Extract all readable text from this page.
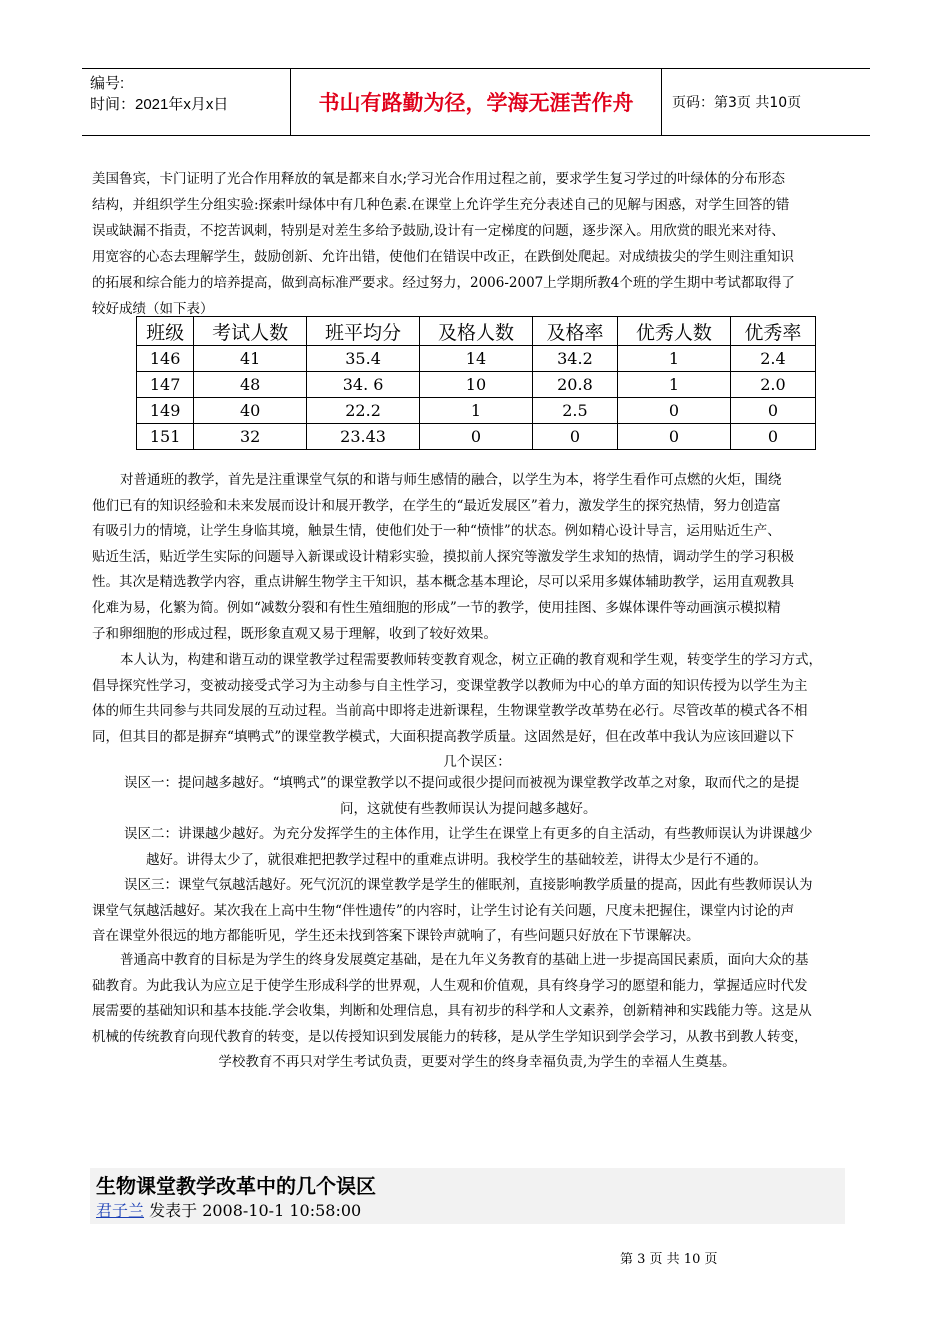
编号:
时间：2021年x月x日	书山有路勤为径，学海无涯苦作舟	页码：第3页 共10页
美国鲁宾，卡门证明了光合作用释放的氧是都来自水;学习光合作用过程之前，要求学生复习学过的叶绿体的分布形态
结构，并组织学生分组实验:探索叶绿体中有几种色素.在课堂上允许学生充分表述自己的见解与困惑，对学生回答的错
误或缺漏不指责，不挖苦讽刺，特别是对差生多给予鼓励,设计有一定梯度的问题，逐步深入。用欣赏的眼光来对待、
用宽容的心态去理解学生，鼓励创新、允许出错，使他们在错误中改正，在跌倒处爬起。对成绩拔尖的学生则注重知识
的拓展和综合能力的培养提高，做到高标准严要求。经过努力，2006-2007上学期所教4个班的学生期中考试都取得了
较好成绩（如下表）
班级	考试人数	班平均分	及格人数	及格率	优秀人数	优秀率
146	41	35.4	14	34.2	1	2.4
147	48	34. 6	10	20.8	1	2.0
149	40	22.2	1	2.5	0	0
151	32	23.43	0	0	0	0
对普通班的教学，首先是注重课堂气氛的和谐与师生感情的融合，以学生为本，将学生看作可点燃的火炬，围绕
他们已有的知识经验和未来发展而设计和展开教学，在学生的“最近发展区”着力，激发学生的探究热情，努力创造富
有吸引力的情境，让学生身临其境，触景生情，使他们处于一种“愤悱”的状态。例如精心设计导言，运用贴近生产、
贴近生活，贴近学生实际的问题导入新课或设计精彩实验，摸拟前人探究等激发学生求知的热情，调动学生的学习积极
性。其次是精选教学内容，重点讲解生物学主干知识，基本概念基本理论，尽可以采用多媒体辅助教学，运用直观教具
化难为易，化繁为简。例如“减数分裂和有性生殖细胞的形成”一节的教学，使用挂图、多媒体课件等动画演示模拟精
子和卵细胞的形成过程，既形象直观又易于理解，收到了较好效果。
本人认为，构建和谐互动的课堂教学过程需要教师转变教育观念，树立正确的教育观和学生观，转变学生的学习方式，
倡导探究性学习，变被动接受式学习为主动参与自主性学习，变课堂教学以教师为中心的单方面的知识传授为以学生为主
体的师生共同参与共同发展的互动过程。当前高中即将走进新课程，生物课堂教学改革势在必行。尽管改革的模式各不相
同，但其目的都是摒弃“填鸭式”的课堂教学模式，大面积提高教学质量。这固然是好，但在改革中我认为应该回避以下
几个误区：
误区一：提问越多越好。“填鸭式”的课堂教学以不提问或很少提问而被视为课堂教学改革之对象，取而代之的是提
问，这就使有些教师误认为提问越多越好。
误区二：讲课越少越好。为充分发挥学生的主体作用，让学生在课堂上有更多的自主活动，有些教师误认为讲课越少
越好。讲得太少了，就很难把把教学过程中的重难点讲明。我校学生的基础较差，讲得太少是行不通的。
误区三：课堂气氛越活越好。死气沉沉的课堂教学是学生的催眠剂，直接影响教学质量的提高，因此有些教师误认为
课堂气氛越活越好。某次我在上高中生物“伴性遗传”的内容时，让学生讨论有关问题，尺度未把握住，课堂内讨论的声
音在课堂外很远的地方都能听见，学生还未找到答案下课铃声就响了，有些问题只好放在下节课解决。
普通高中教育的目标是为学生的终身发展奠定基础，是在九年义务教育的基础上进一步提高国民素质，面向大众的基
础教育。为此我认为应立足于使学生形成科学的世界观，人生观和价值观，具有终身学习的愿望和能力，掌握适应时代发
展需要的基础知识和基本技能.学会收集，判断和处理信息，具有初步的科学和人文素养，创新精神和实践能力等。这是从
机械的传统教育向现代教育的转变，是以传授知识到发展能力的转移，是从学生学知识到学会学习，从教书到教人转变，
学校教育不再只对学生考试负责，更要对学生的终身幸福负责,为学生的幸福人生奠基。
生物课堂教学改革中的几个误区
君子兰 发表于 2008-10-1 10:58:00
第 3 页 共 10 页
